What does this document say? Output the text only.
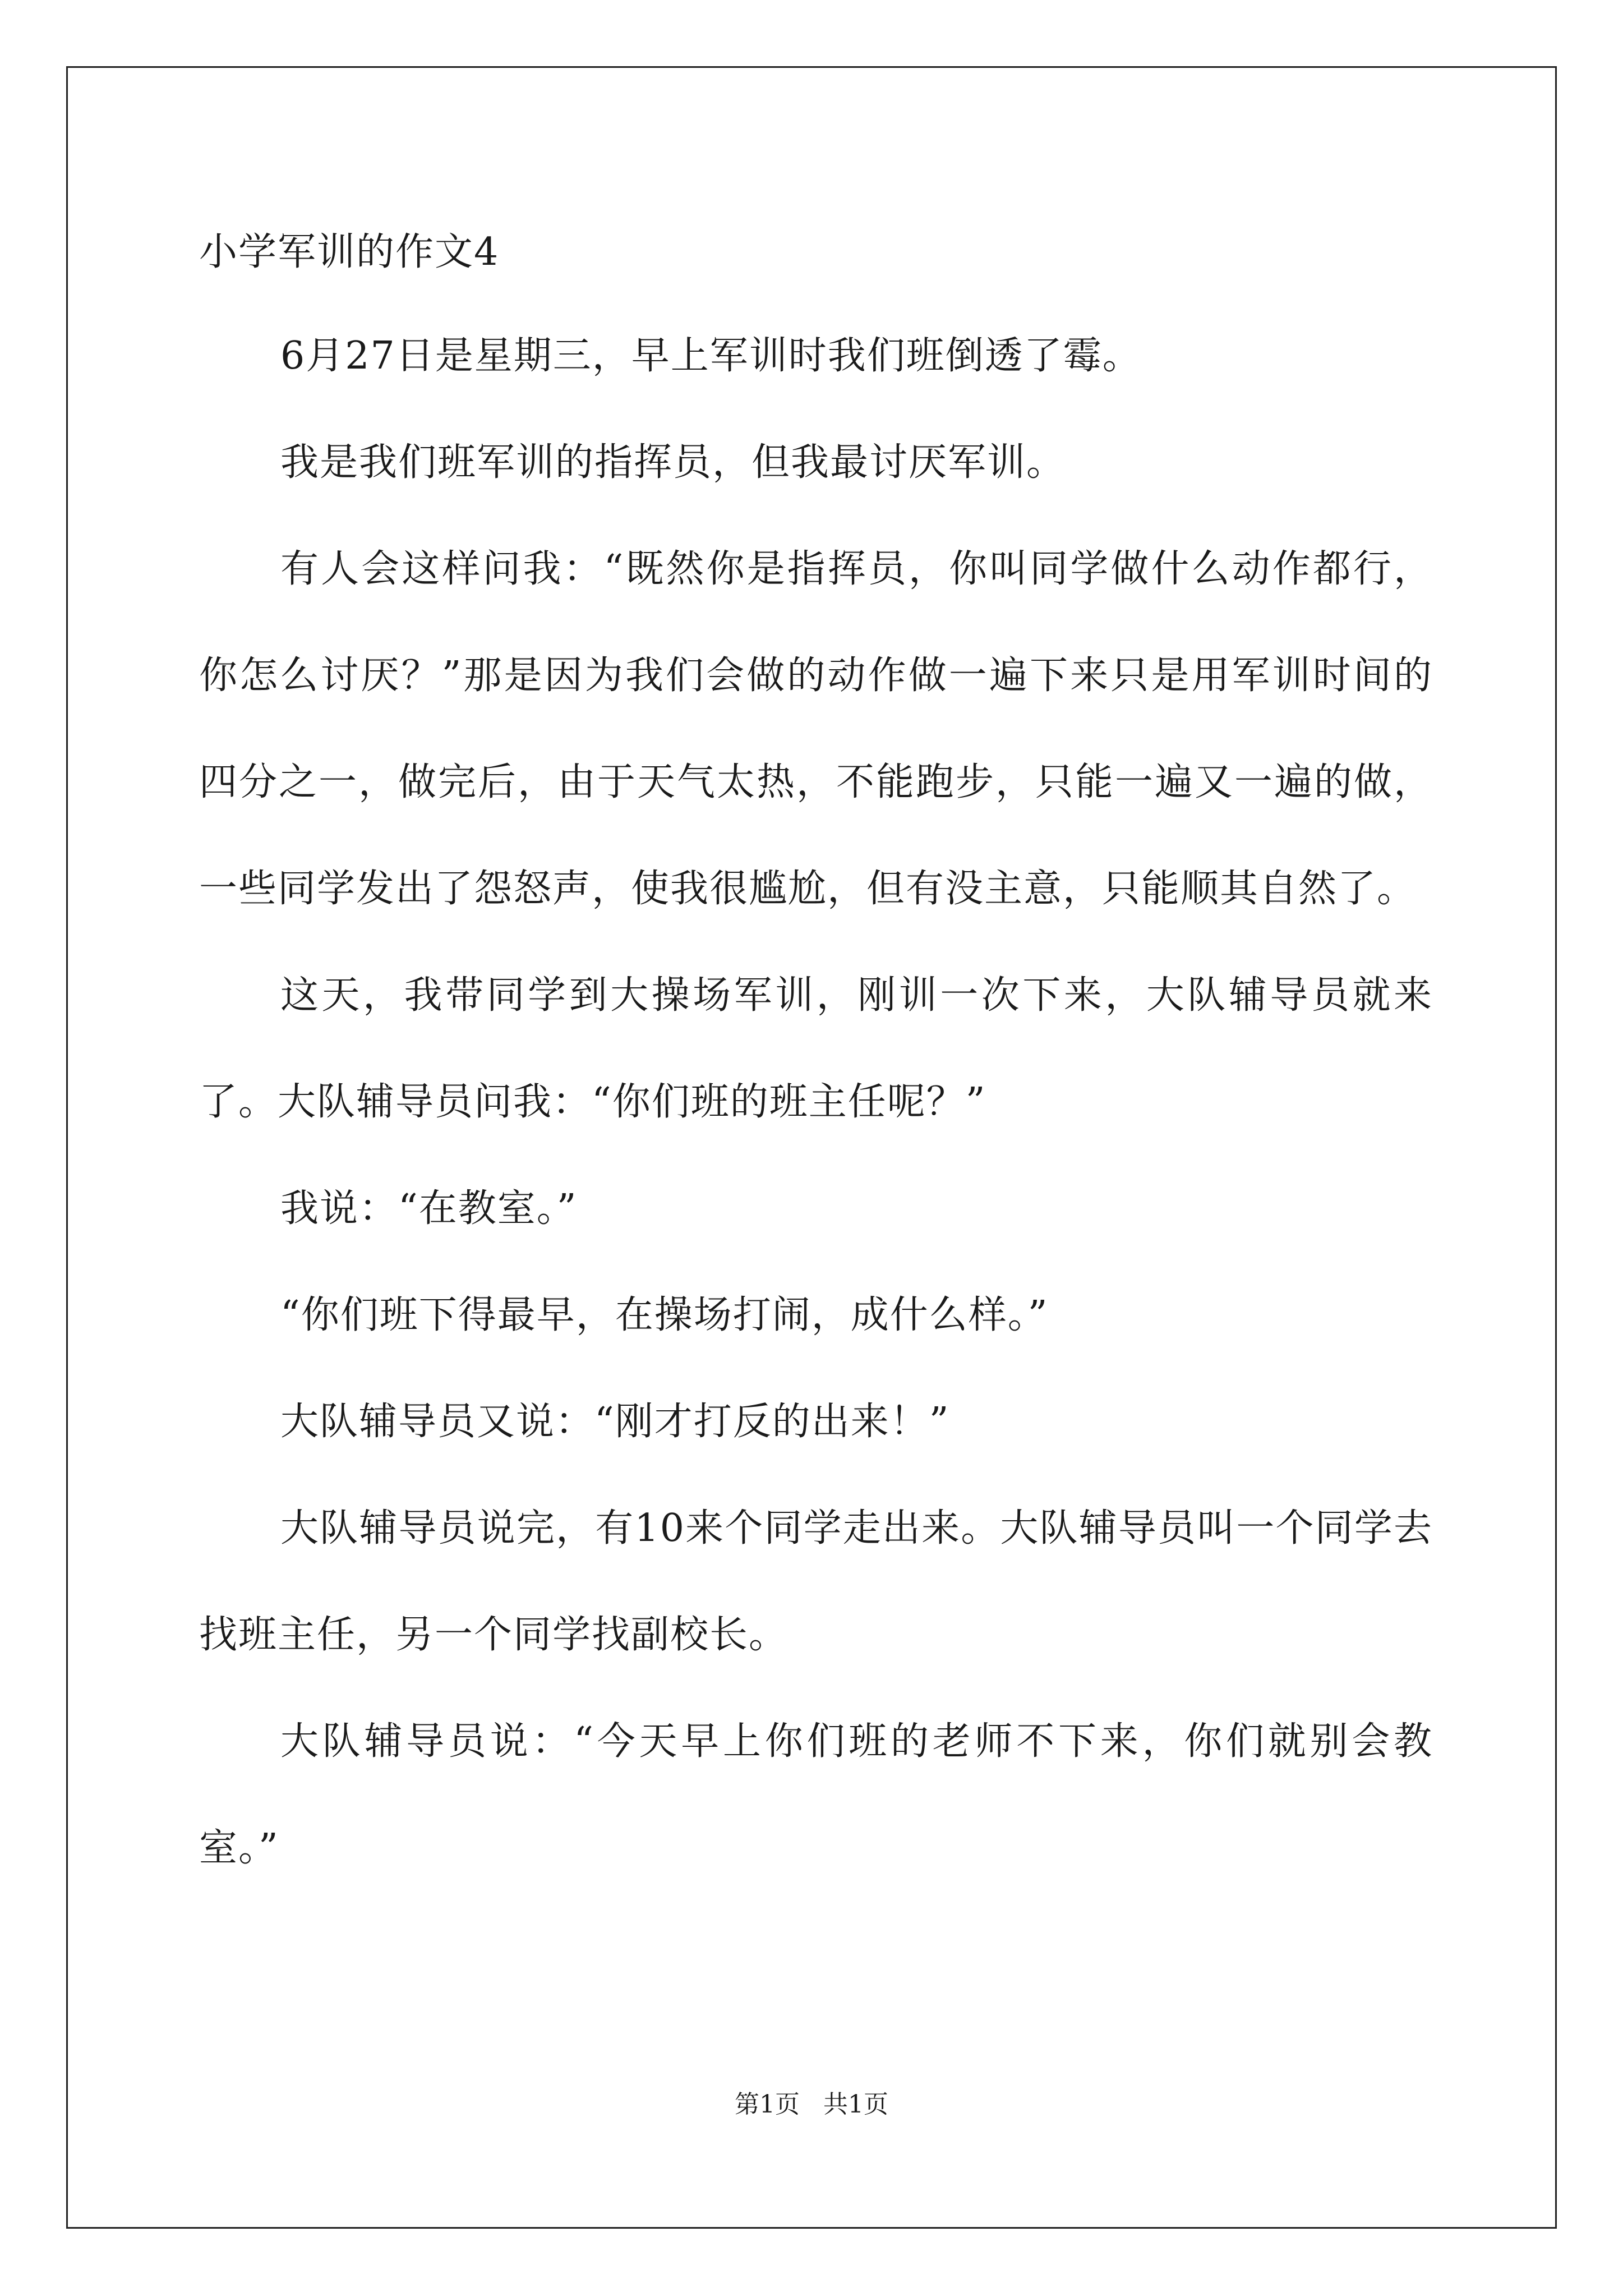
小学军训的作文4

6月27日是星期三，早上军训时我们班倒透了霉。

我是我们班军训的指挥员，但我最讨厌军训。

有人会这样问我：“既然你是指挥员，你叫同学做什么动作都行，你怎么讨厌？”那是因为我们会做的动作做一遍下来只是用军训时间的四分之一，做完后，由于天气太热，不能跑步，只能一遍又一遍的做，一些同学发出了怨怒声，使我很尴尬，但有没主意，只能顺其自然了。

这天，我带同学到大操场军训，刚训一次下来，大队辅导员就来了。大队辅导员问我：“你们班的班主任呢？”

我说：“在教室。”

“你们班下得最早，在操场打闹，成什么样。”

大队辅导员又说：“刚才打反的出来！”

大队辅导员说完，有10来个同学走出来。大队辅导员叫一个同学去找班主任，另一个同学找副校长。

大队辅导员说：“今天早上你们班的老师不下来，你们就别会教室。”

第1页   共1页
